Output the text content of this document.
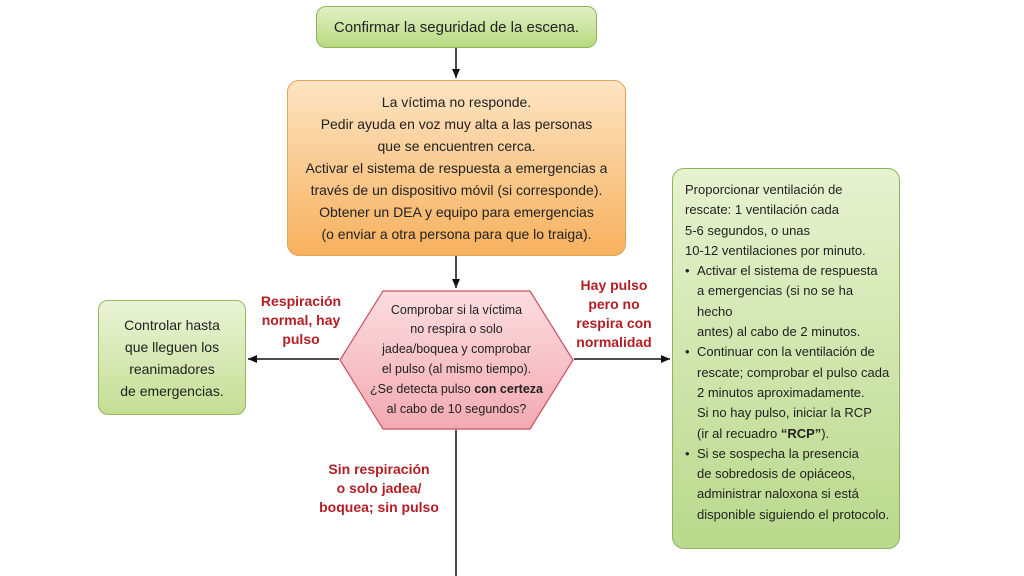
Confirmar la seguridad de la escena.
La víctima no responde.
Pedir ayuda en voz muy alta a las personas
que se encuentren cerca.
Activar el sistema de respuesta a emergencias a
través de un dispositivo móvil (si corresponde).
Obtener un DEA y equipo para emergencias
(o enviar a otra persona para que lo traiga).
Comprobar si la víctima
no respira o solo
jadea/boquea y comprobar
el pulso (al mismo tiempo).
¿Se detecta pulso con certeza
al cabo de 10 segundos?
Controlar hasta
que lleguen los
reanimadores
de emergencias.
Respiración
normal, hay
pulso
Hay pulso
pero no
respira con
normalidad
Sin respiración
o solo jadea/
boquea; sin pulso
Proporcionar ventilación de
rescate: 1 ventilación cada
5-6 segundos, o unas
10-12 ventilaciones por minuto.
• Activar el sistema de respuesta
a emergencias (si no se ha hecho
antes) al cabo de 2 minutos.
• Continuar con la ventilación de
rescate; comprobar el pulso cada
2 minutos aproximadamente.
Si no hay pulso, iniciar la RCP
(ir al recuadro “RCP”).
• Si se sospecha la presencia
de sobredosis de opiáceos,
administrar naloxona si está
disponible siguiendo el protocolo.
